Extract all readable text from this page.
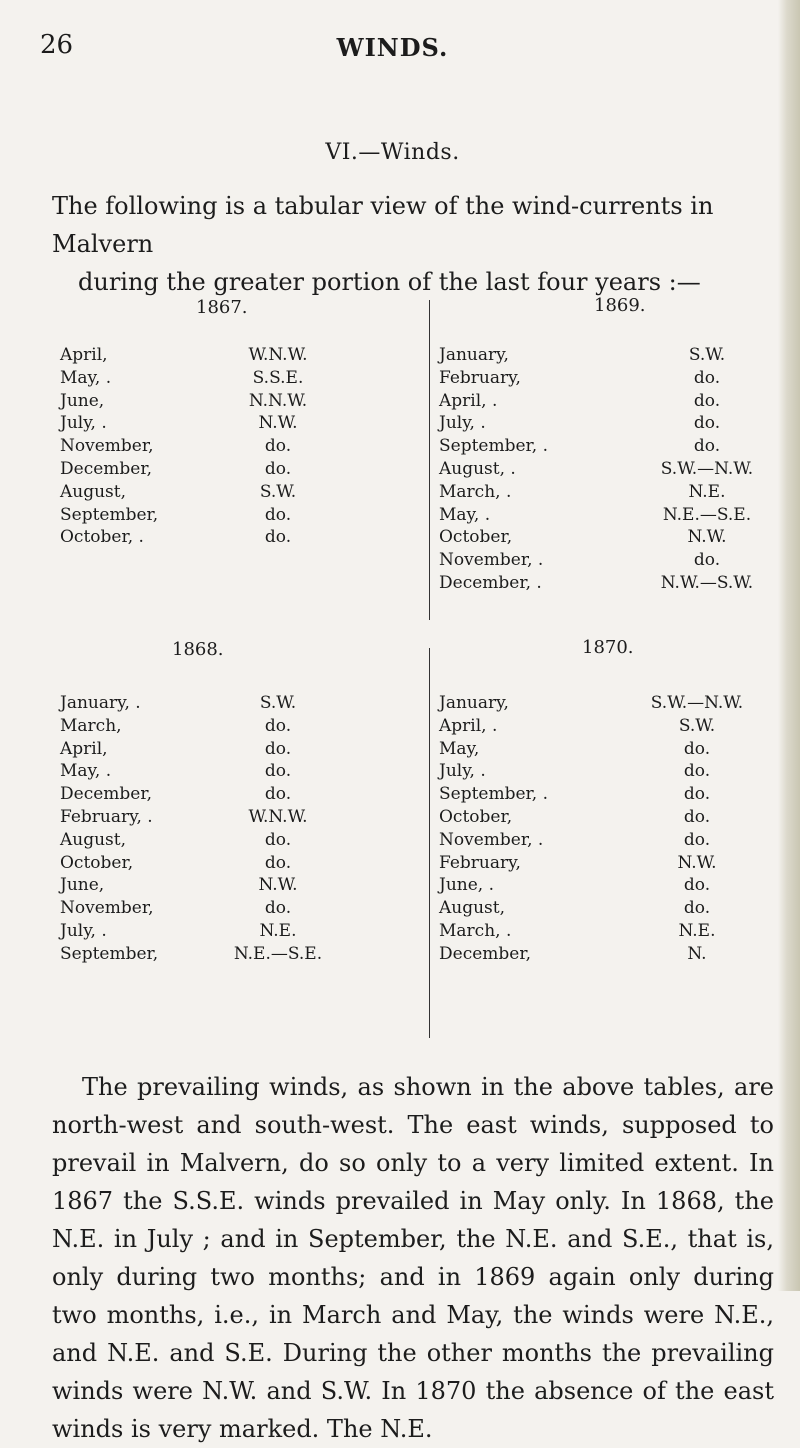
26	WINDS.
VI.—Winds.
The following is a tabular view of the wind-currents in Malvern
during the greater portion of the last four years :—
1867.	1869.
1868.	1870.
April,	W.N.W.
May, .	S.S.E.
June,	N.N.W.
July, .	N.W.
November,	do.
December,	do.
August,	S.W.
September,	do.
October, .	do.
January,	S.W.
February,	do.
April, .	do.
July, .	do.
September, .	do.
August, .	S.W.—N.W.
March, .	N.E.
May, .	N.E.—S.E.
October,	N.W.
November, .	do.
December, .	N.W.—S.W.
January, .	S.W.
March,	do.
April,	do.
May, .	do.
December,	do.
February, .	W.N.W.
August,	do.
October,	do.
June,	N.W.
November,	do.
July, .	N.E.
September,	N.E.—S.E.
January,	S.W.—N.W.
April, .	S.W.
May,	do.
July, .	do.
September, .	do.
October,	do.
November, .	do.
February,	N.W.
June, .	do.
August,	do.
March, .	N.E.
December,	N.

The prevailing winds, as shown in the above tables, are north-west and south-west. The east winds, supposed to prevail in Malvern, do so only to a very limited extent. In 1867 the S.S.E. winds prevailed in May only. In 1868, the N.E. in July ; and in September, the N.E. and S.E., that is, only during two months; and in 1869 again only during two months, i.e., in March and May, the winds were N.E., and N.E. and S.E. During the other months the prevailing winds were N.W. and S.W. In 1870 the absence of the east winds is very marked. The N.E.
